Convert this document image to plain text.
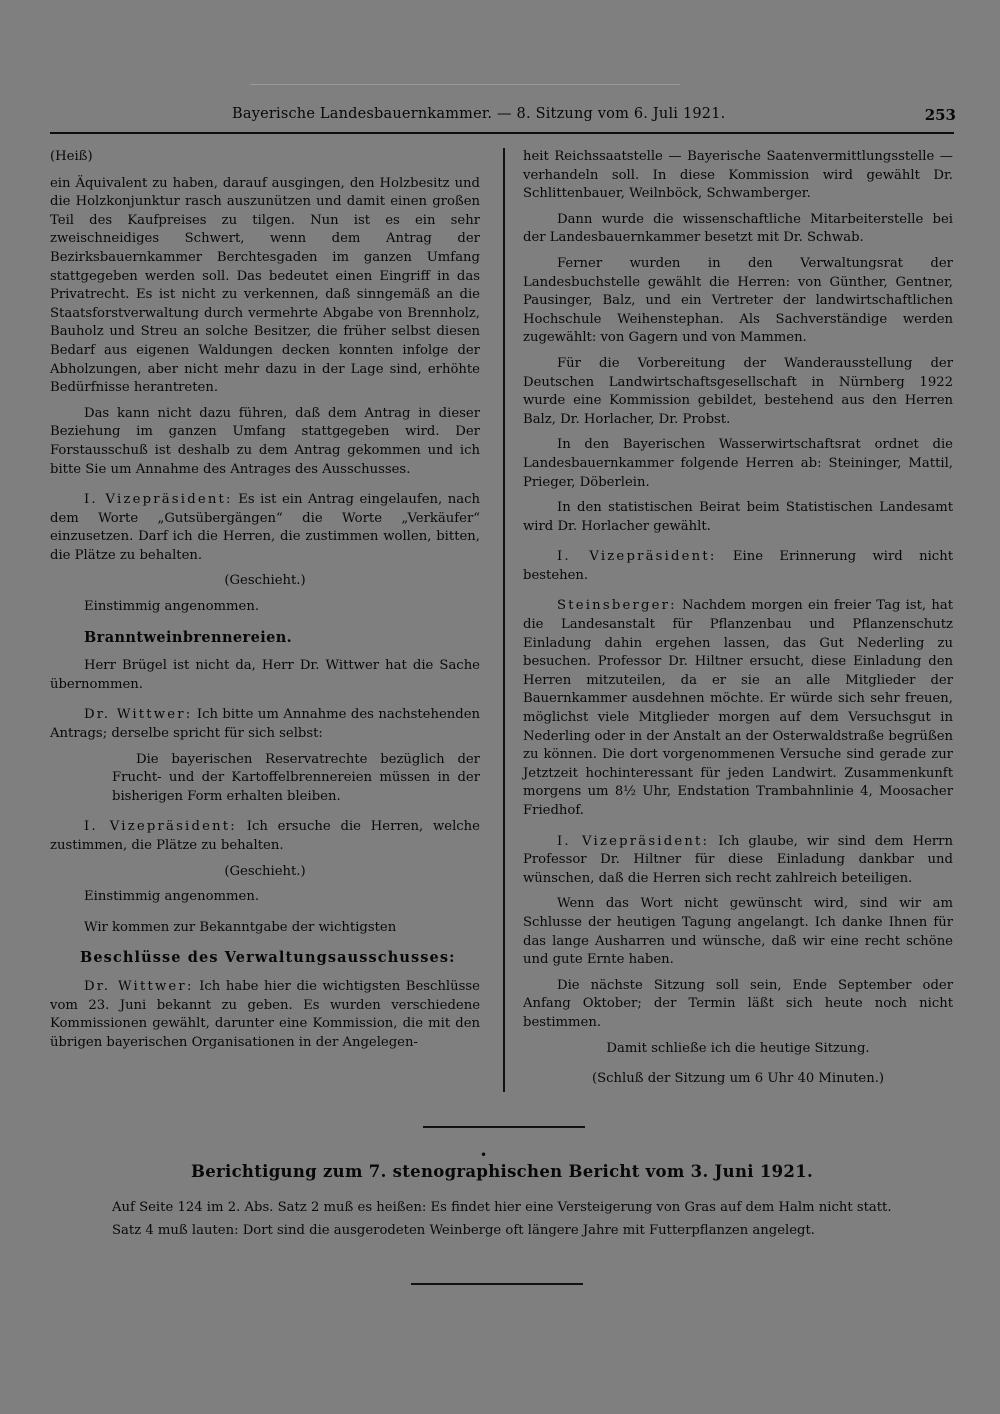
Bayerische Landesbauernkammer. — 8. Sitzung vom 6. Juli 1921.	253
(Heiß)

ein Äquivalent zu haben, darauf ausgingen, den Holzbesitz und die Holzkonjunktur rasch auszunützen und damit einen großen Teil des Kaufpreises zu tilgen. Nun ist es ein sehr zweischneidiges Schwert, wenn dem Antrag der Bezirksbauernkammer Berchtesgaden im ganzen Umfang stattgegeben werden soll. Das bedeutet einen Eingriff in das Privatrecht. Es ist nicht zu verkennen, daß sinngemäß an die Staatsforstverwaltung durch vermehrte Abgabe von Brennholz, Bauholz und Streu an solche Besitzer, die früher selbst diesen Bedarf aus eigenen Waldungen decken konnten infolge der Abholzungen, aber nicht mehr dazu in der Lage sind, erhöhte Bedürfnisse herantreten.

Das kann nicht dazu führen, daß dem Antrag in dieser Beziehung im ganzen Umfang stattgegeben wird. Der Forstausschuß ist deshalb zu dem Antrag gekommen und ich bitte Sie um Annahme des Antrages des Ausschusses.

I. Vizepräsident: Es ist ein Antrag eingelaufen, nach dem Worte „Gutsübergängen“ die Worte „Verkäufer“ einzusetzen. Darf ich die Herren, die zustimmen wollen, bitten, die Plätze zu behalten.

(Geschieht.)

Einstimmig angenommen.

Branntweinbrennereien.

Herr Brügel ist nicht da, Herr Dr. Wittwer hat die Sache übernommen.

Dr. Wittwer: Ich bitte um Annahme des nachstehenden Antrags; derselbe spricht für sich selbst:

Die bayerischen Reservatrechte bezüglich der Frucht- und der Kartoffelbrennereien müssen in der bisherigen Form erhalten bleiben.

I. Vizepräsident: Ich ersuche die Herren, welche zustimmen, die Plätze zu behalten.

(Geschieht.)

Einstimmig angenommen.

Wir kommen zur Bekanntgabe der wichtigsten

Beschlüsse des Verwaltungsausschusses:

Dr. Wittwer: Ich habe hier die wichtigsten Beschlüsse vom 23. Juni bekannt zu geben. Es wurden verschiedene Kommissionen gewählt, darunter eine Kommission, die mit den übrigen bayerischen Organisationen in der Angelegen-

heit Reichssaatstelle — Bayerische Saatenvermittlungsstelle — verhandeln soll. In diese Kommission wird gewählt Dr. Schlittenbauer, Weilnböck, Schwamberger.

Dann wurde die wissenschaftliche Mitarbeiterstelle bei der Landesbauernkammer besetzt mit Dr. Schwab.

Ferner wurden in den Verwaltungsrat der Landesbuchstelle gewählt die Herren: von Günther, Gentner, Pausinger, Balz, und ein Vertreter der landwirtschaftlichen Hochschule Weihenstephan. Als Sachverständige werden zugewählt: von Gagern und von Mammen.

Für die Vorbereitung der Wanderausstellung der Deutschen Landwirtschaftsgesellschaft in Nürnberg 1922 wurde eine Kommission gebildet, bestehend aus den Herren Balz, Dr. Horlacher, Dr. Probst.

In den Bayerischen Wasserwirtschaftsrat ordnet die Landesbauernkammer folgende Herren ab: Steininger, Mattil, Prieger, Döberlein.

In den statistischen Beirat beim Statistischen Landesamt wird Dr. Horlacher gewählt.

I. Vizepräsident: Eine Erinnerung wird nicht bestehen.

Steinsberger: Nachdem morgen ein freier Tag ist, hat die Landesanstalt für Pflanzenbau und Pflanzenschutz Einladung dahin ergehen lassen, das Gut Nederling zu besuchen. Professor Dr. Hiltner ersucht, diese Einladung den Herren mitzuteilen, da er sie an alle Mitglieder der Bauernkammer ausdehnen möchte. Er würde sich sehr freuen, möglichst viele Mitglieder morgen auf dem Versuchsgut in Nederling oder in der Anstalt an der Osterwaldstraße begrüßen zu können. Die dort vorgenommenen Versuche sind gerade zur Jetztzeit hochinteressant für jeden Landwirt. Zusammenkunft morgens um 8½ Uhr, Endstation Trambahnlinie 4, Moosacher Friedhof.

I. Vizepräsident: Ich glaube, wir sind dem Herrn Professor Dr. Hiltner für diese Einladung dankbar und wünschen, daß die Herren sich recht zahlreich beteiligen.

Wenn das Wort nicht gewünscht wird, sind wir am Schlusse der heutigen Tagung angelangt. Ich danke Ihnen für das lange Ausharren und wünsche, daß wir eine recht schöne und gute Ernte haben.

Die nächste Sitzung soll sein, Ende September oder Anfang Oktober; der Termin läßt sich heute noch nicht bestimmen.

Damit schließe ich die heutige Sitzung.

(Schluß der Sitzung um 6 Uhr 40 Minuten.)

•
Berichtigung zum 7. stenographischen Bericht vom 3. Juni 1921.

Auf Seite 124 im 2. Abs. Satz 2 muß es heißen: Es findet hier eine Versteigerung von Gras auf dem Halm nicht statt.

Satz 4 muß lauten: Dort sind die ausgerodeten Weinberge oft längere Jahre mit Futterpflanzen angelegt.
